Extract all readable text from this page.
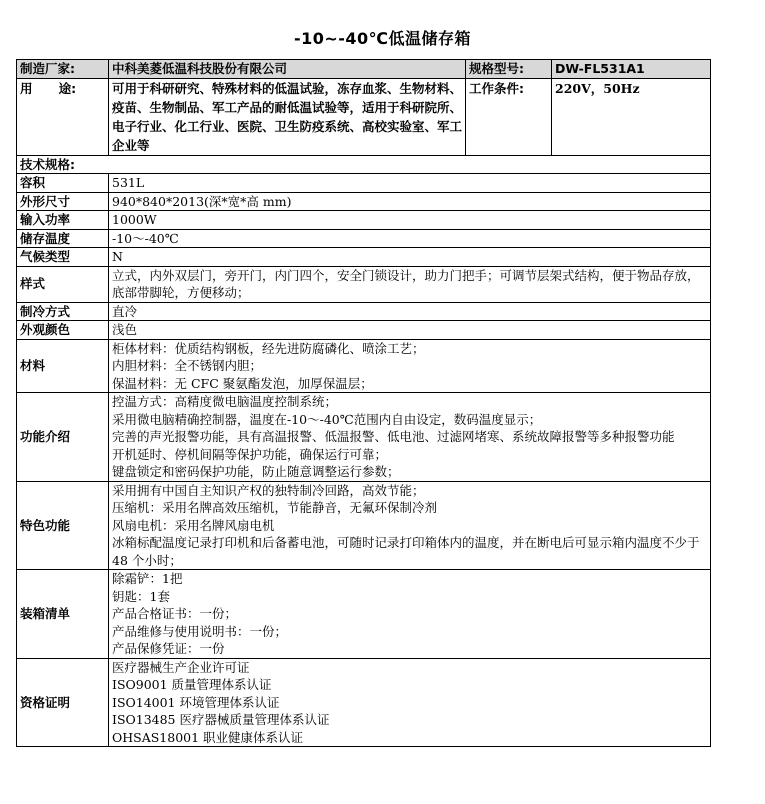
-10~-40℃低温储存箱
制造厂家:	中科美菱低温科技股份有限公司	规格型号:	DW-FL531A1
用      途:	可用于科研研究、特殊材料的低温试验，冻存血浆、生物材料、疫苗、生物制品、军工产品的耐低温试验等，适用于科研院所、电子行业、化工行业、医院、卫生防疫系统、高校实验室、军工企业等	工作条件:	220V，50Hz
技术规格:			
容积	531L		

外形尺寸	940*840*2013(深*宽*高 mm)		

输入功率	1000W		

储存温度	-10～-40℃		

气候类型	N		

样式	立式，内外双层门，旁开门，内门四个，安全门锁设计，助力门把手；可调节层架式结构，便于物品存放，底部带脚轮，方便移动；		

制冷方式	直冷		

外观颜色	浅色		

材料	柜体材料：优质结构钢板，经先进防腐磷化、喷涂工艺；
内胆材料：全不锈钢内胆；
保温材料：无 CFC 聚氨酯发泡，加厚保温层；		

功能介绍	控温方式：高精度微电脑温度控制系统；
采用微电脑精确控制器，温度在-10～-40℃范围内自由设定，数码温度显示；
完善的声光报警功能，具有高温报警、低温报警、低电池、过滤网堵寒、系统故障报警等多种报警功能
开机延时、停机间隔等保护功能，确保运行可靠；
键盘锁定和密码保护功能，防止随意调整运行参数；		

特色功能	采用拥有中国自主知识产权的独特制冷回路，高效节能；
压缩机：采用名牌高效压缩机，节能静音，无氟环保制冷剂
风扇电机：采用名牌风扇电机
冰箱标配温度记录打印机和后备蓄电池，可随时记录打印箱体内的温度，并在断电后可显示箱内温度不少于 48 个小时；		

装箱清单	除霜铲：1把
钥匙：1套
产品合格证书：一份；
产品维修与使用说明书：一份；
产品保修凭证：一份		

资格证明	医疗器械生产企业许可证
ISO9001 质量管理体系认证
ISO14001 环境管理体系认证
ISO13485 医疗器械质量管理体系认证
OHSAS18001 职业健康体系认证		
